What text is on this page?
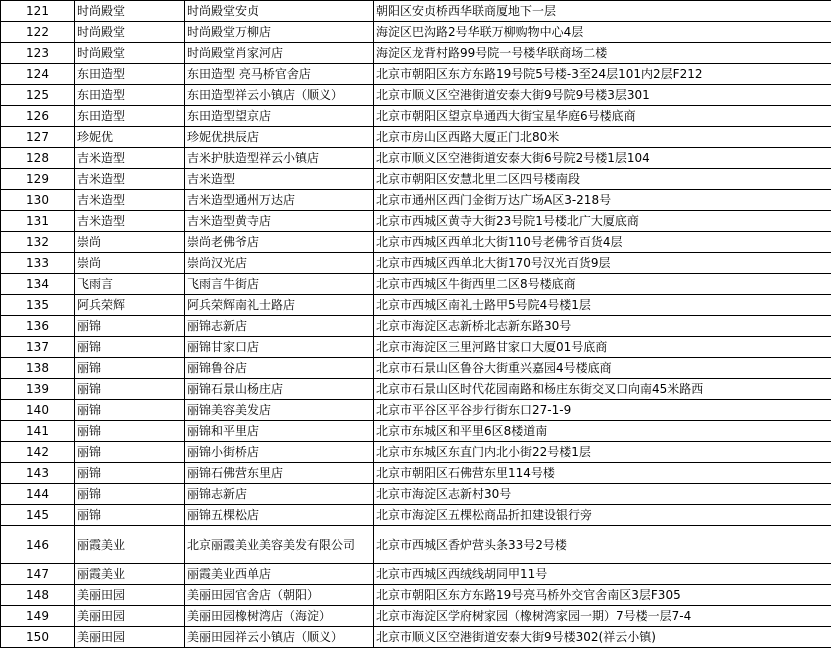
121	时尚殿堂	时尚殿堂安贞	朝阳区安贞桥西华联商厦地下一层
122	时尚殿堂	时尚殿堂万柳店	海淀区巴沟路2号华联万柳购物中心4层
123	时尚殿堂	时尚殿堂肖家河店	海淀区龙背村路99号院一号楼华联商场二楼
124	东田造型	东田造型 亮马桥官舍店	北京市朝阳区东方东路19号院5号楼-3至24层101内2层F212
125	东田造型	东田造型祥云小镇店（顺义）	北京市顺义区空港街道安泰大街9号院9号楼3层301
126	东田造型	东田造型望京店	北京市朝阳区望京阜通西大街宝星华庭6号楼底商
127	珍妮优	珍妮优拱辰店	北京市房山区西路大厦正门北80米
128	吉米造型	吉米护肤造型祥云小镇店	北京市顺义区空港街道安泰大街6号院2号楼1层104
129	吉米造型	吉米造型	北京市朝阳区安慧北里二区四号楼南段
130	吉米造型	吉米造型通州万达店	北京市通州区西门金街万达广场A区3-218号
131	吉米造型	吉米造型黄寺店	北京市西城区黄寺大街23号院1号楼北广大厦底商
132	崇尚	崇尚老佛爷店	北京市西城区西单北大街110号老佛爷百货4层
133	崇尚	崇尚汉光店	北京市西城区西单北大街170号汉光百货9层
134	飞雨言	飞雨言牛街店	北京市西城区牛街西里二区8号楼底商
135	阿兵荣辉	阿兵荣辉南礼士路店	北京市西城区南礼士路甲5号院4号楼1层
136	丽锦	丽锦志新店	北京市海淀区志新桥北志新东路30号
137	丽锦	丽锦甘家口店	北京市海淀区三里河路甘家口大厦01号底商
138	丽锦	丽锦鲁谷店	北京市石景山区鲁谷大街重兴嘉园4号楼底商
139	丽锦	丽锦石景山杨庄店	北京市石景山区时代花园南路和杨庄东街交叉口向南45米路西
140	丽锦	丽锦美容美发店	北京市平谷区平谷步行街东口27-1-9
141	丽锦	丽锦和平里店	北京市东城区和平里6区8楼道南
142	丽锦	丽锦小街桥店	北京市东城区东直门内北小街22号楼1层
143	丽锦	丽锦石佛营东里店	北京市朝阳区石佛营东里114号楼
144	丽锦	丽锦志新店	北京市海淀区志新村30号
145	丽锦	丽锦五棵松店	北京市海淀区五棵松商品折扣建设银行旁
146	丽霞美业	北京丽霞美业美容美发有限公司	北京市西城区香炉营头条33号2号楼
147	丽霞美业	丽霞美业西单店	北京市西城区西绒线胡同甲11号
148	美丽田园	美丽田园官舍店（朝阳）	北京市朝阳区东方东路19号亮马桥外交官舍南区3层F305
149	美丽田园	美丽田园橡树湾店（海淀）	北京市海淀区学府树家园（橡树湾家园一期）7号楼一层7-4
150	美丽田园	美丽田园祥云小镇店（顺义）	北京市顺义区空港街道安泰大街9号楼302(祥云小镇)
